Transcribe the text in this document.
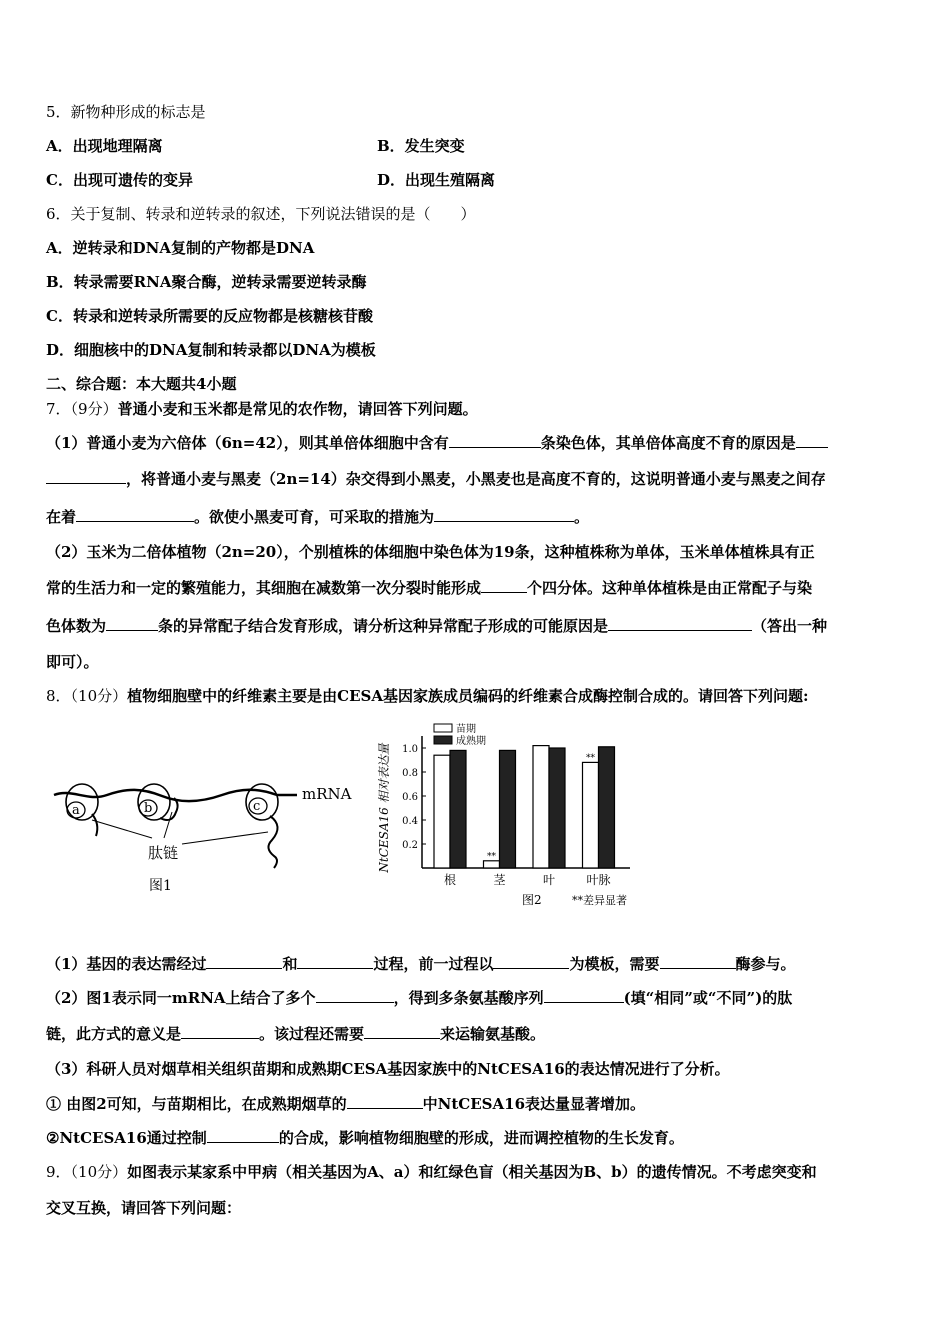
5．新物种形成的标志是
A．出现地理隔离	B．发生突变
C．出现可遗传的变异	D．出现生殖隔离
6．关于复制、转录和逆转录的叙述，下列说法错误的是（　　）
A．逆转录和DNA复制的产物都是DNA
B．转录需要RNA聚合酶，逆转录需要逆转录酶
C．转录和逆转录所需要的反应物都是核糖核苷酸
D．细胞核中的DNA复制和转录都以DNA为模板
二、综合题：本大题共4小题
7．（9分）普通小麦和玉米都是常见的农作物，请回答下列问题。
（1）普通小麦为六倍体（6n=42），则其单倍体细胞中含有	条染色体，其单倍体高度不育的原因是
，将普通小麦与黑麦（2n=14）杂交得到小黑麦，小黑麦也是高度不育的，这说明普通小麦与黑麦之间存
在着	。欲使小黑麦可育，可采取的措施为	。
（2）玉米为二倍体植物（2n=20），个别植株的体细胞中染色体为19条，这种植株称为单体，玉米单体植株具有正
常的生活力和一定的繁殖能力，其细胞在减数第一次分裂时能形成	个四分体。这种单体植株是由正常配子与染
色体数为	条的异常配子结合发育形成，请分析这种异常配子形成的可能原因是	（答出一种
即可）。
8．（10分）植物细胞壁中的纤维素主要是由CESA基因家族成员编码的纤维素合成酶控制合成的。请回答下列问题:
a	b	c
mRNA
肽链
图1
0.2
0.4
0.6
0.8
1.0
NtCESA16 相对表达量
根
**
茎	叶
**
叶脉
苗期
成熟期
图2	**差异显著
（1）基因的表达需经过	和	过程，前一过程以	为模板，需要	酶参与。
（2）图1表示同一mRNA上结合了多个	，得到多条氨基酸序列	(填“相同”或“不同”)的肽
链，此方式的意义是	。该过程还需要	来运输氨基酸。
（3）科研人员对烟草相关组织苗期和成熟期CESA基因家族中的NtCESA16的表达情况进行了分析。
① 由图2可知，与苗期相比，在成熟期烟草的	中NtCESA16表达量显著增加。
②NtCESA16通过控制	的合成，影响植物细胞壁的形成，进而调控植物的生长发育。
9．（10分）如图表示某家系中甲病（相关基因为A、a）和红绿色盲（相关基因为B、b）的遗传情况。不考虑突变和
交叉互换，请回答下列问题：
